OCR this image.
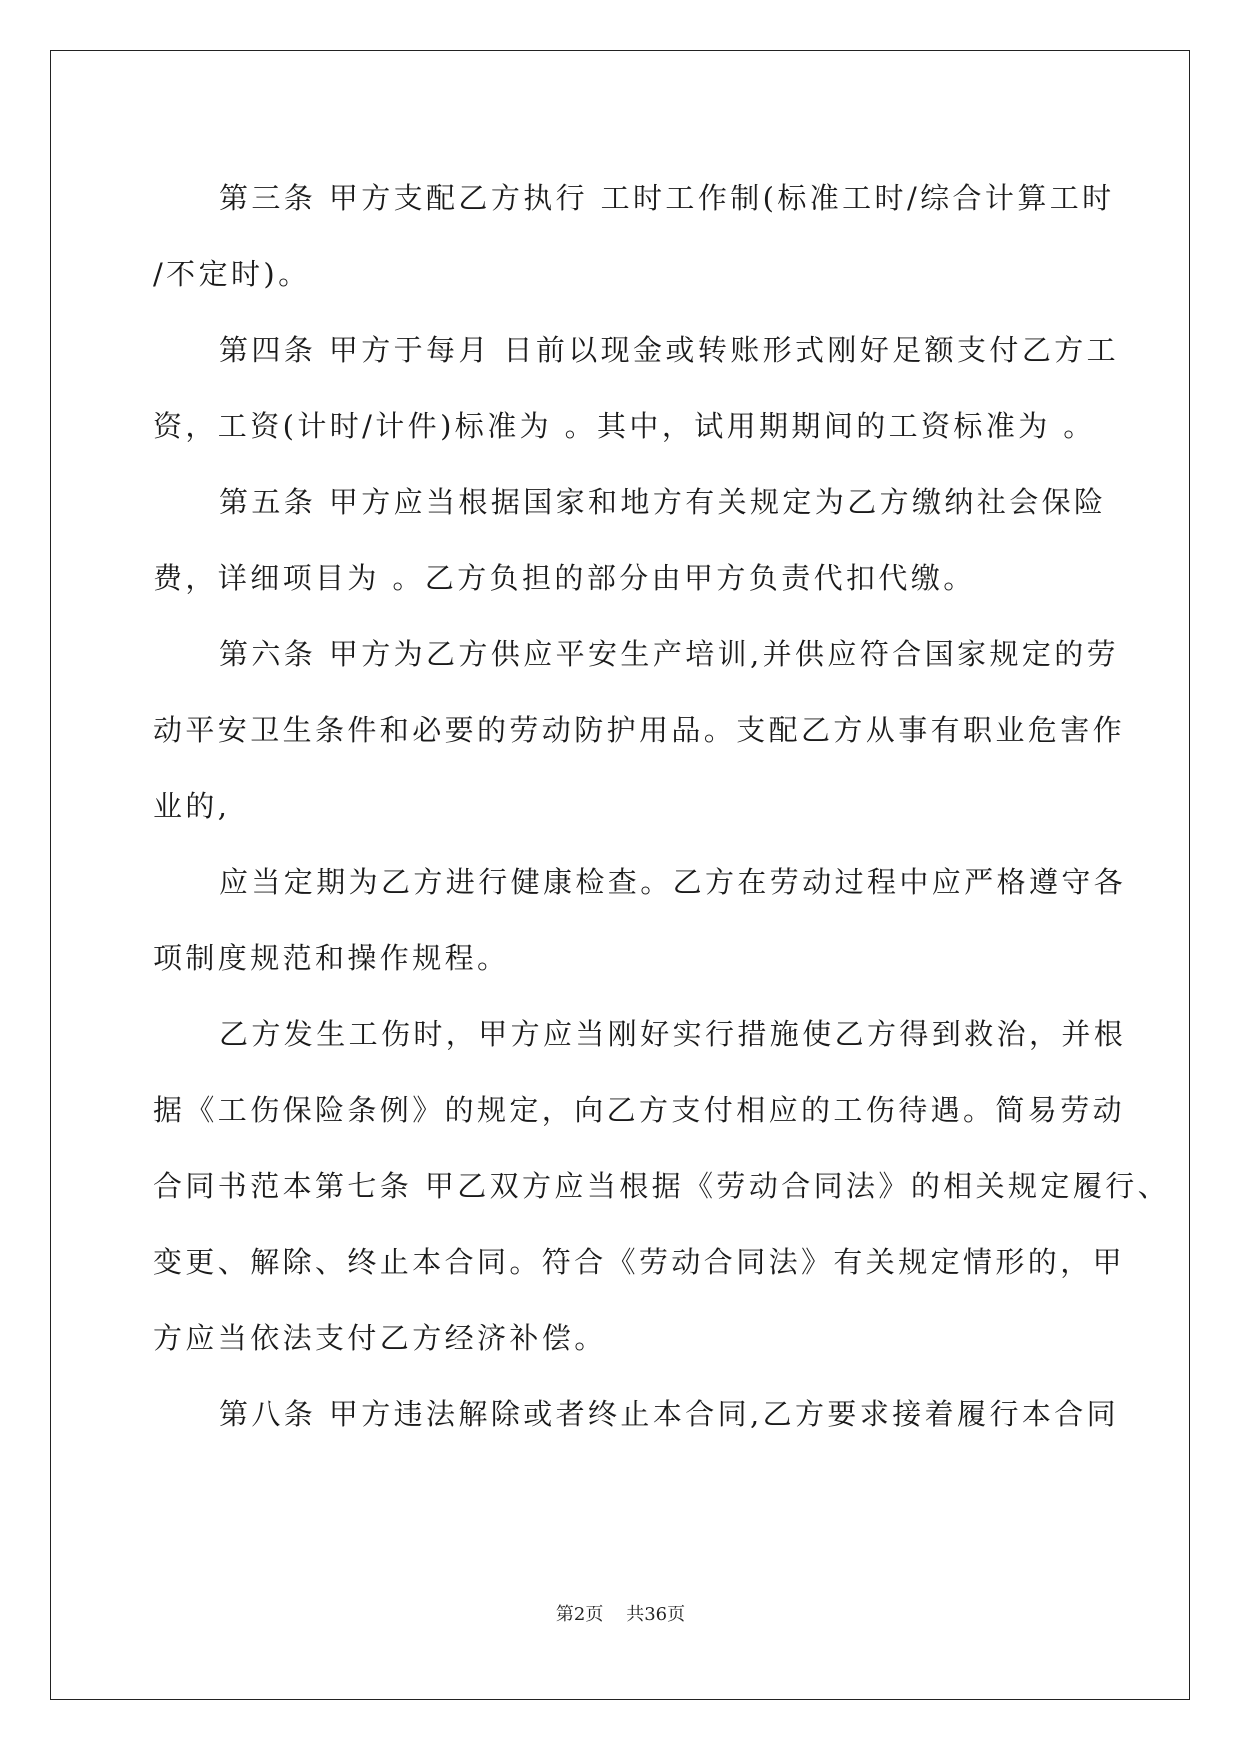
第三条 甲方支配乙方执行 工时工作制(标准工时/综合计算工时
/不定时)。
第四条 甲方于每月 日前以现金或转账形式刚好足额支付乙方工
资，工资(计时/计件)标准为 。其中，试用期期间的工资标准为 。
第五条 甲方应当根据国家和地方有关规定为乙方缴纳社会保险
费，详细项目为 。乙方负担的部分由甲方负责代扣代缴。
第六条 甲方为乙方供应平安生产培训,并供应符合国家规定的劳
动平安卫生条件和必要的劳动防护用品。支配乙方从事有职业危害作
业的,
应当定期为乙方进行健康检查。乙方在劳动过程中应严格遵守各
项制度规范和操作规程。
乙方发生工伤时，甲方应当刚好实行措施使乙方得到救治，并根
据《工伤保险条例》的规定，向乙方支付相应的工伤待遇。简易劳动
合同书范本第七条 甲乙双方应当根据《劳动合同法》的相关规定履行、
变更、解除、终止本合同。符合《劳动合同法》有关规定情形的，甲
方应当依法支付乙方经济补偿。
第八条 甲方违法解除或者终止本合同,乙方要求接着履行本合同
第2页 共36页
